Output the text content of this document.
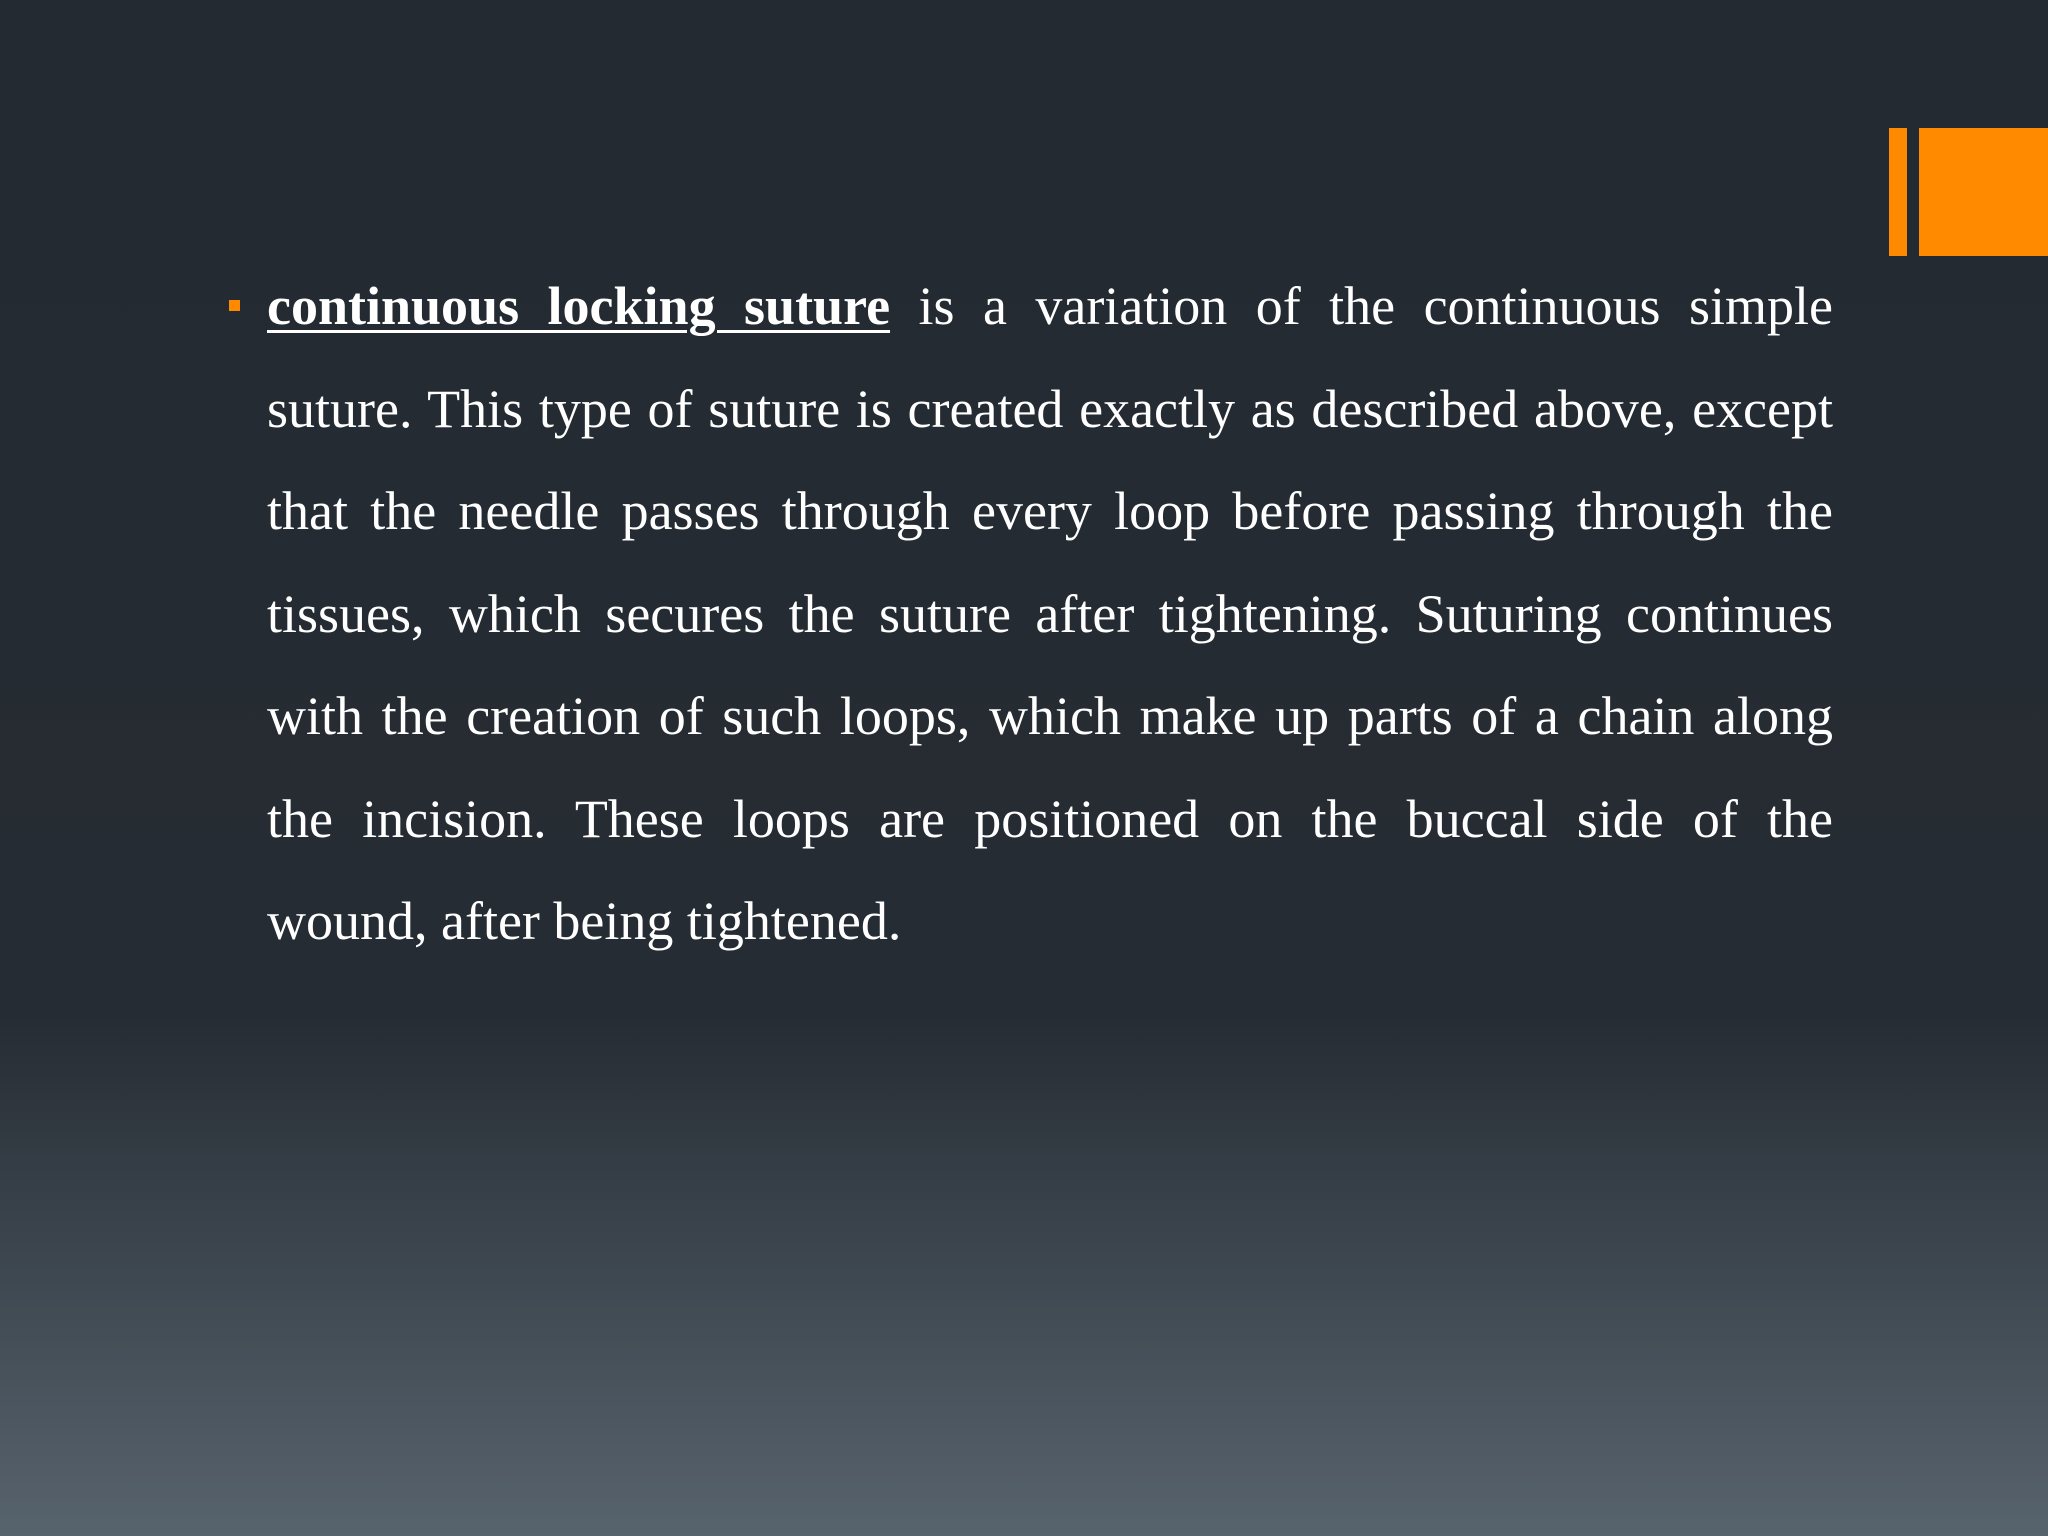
continuous locking suture is a variation of the continuous simple suture. This type of suture is created exactly as described above, except that the needle passes through every loop before passing through the tissues, which secures the suture after tightening. Suturing continues with the creation of such loops, which make up parts of a chain along the incision. These loops are positioned on the buccal side of the wound, after being tightened.
